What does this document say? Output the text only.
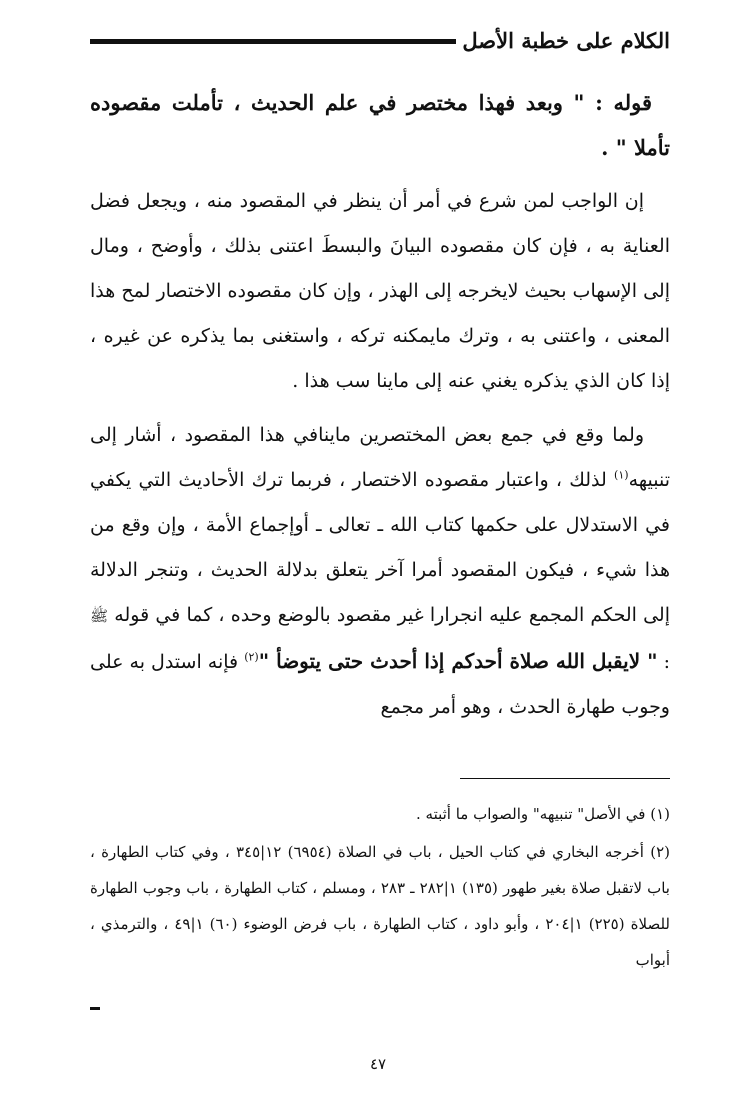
الكلام على خطبة الأصل

قوله : " وبعد فهذا مختصر في علم الحديث ، تأملت مقصوده تأملا " .

إن الواجب لمن شرع في أمر أن ينظر في المقصود منه ، ويجعل فضل العناية به ، فإن كان مقصوده البيانَ والبسطَ اعتنى بذلك ، وأوضح ، ومال إلى الإسهاب بحيث لايخرجه إلى الهذر ، وإن كان مقصوده الاختصار لمح هذا المعنى ، واعتنى به ، وترك مايمكنه تركه ، واستغنى بما يذكره عن غيره ، إذا كان الذي يذكره يغني عنه إلى ماينا سب هذا .

ولما وقع في جمع بعض المختصرين ماينافي هذا المقصود ، أشار إلى تنبيهه$^{(١)}$ لذلك ، واعتبار مقصوده الاختصار ، فربما ترك الأحاديث التي يكفي في الاستدلال على حكمها كتاب الله ـ تعالى ـ أوإجماع الأمة ، وإن وقع من هذا شيء ، فيكون المقصود أمرا آخر يتعلق بدلالة الحديث ، وتنجر الدلالة إلى الحكم المجمع عليه انجرارا غير مقصود بالوضع وحده ، كما في قوله ﷺ : " لايقبل الله صلاة أحدكم إذا أحدث حتى يتوضأ "$^{(٢)}$ فإنه استدل به على وجوب طهارة الحدث ، وهو أمر مجمع

(١) في الأصل" تنبيهه" والصواب ما أثبته .

(٢) أخرجه البخاري في كتاب الحيل ، باب في الصلاة (٦٩٥٤) ١٢|٣٤٥ ، وفي كتاب الطهارة ، باب لاتقبل صلاة بغير طهور (١٣٥) ١|٢٨٢ ـ ٢٨٣ ، ومسلم ، كتاب الطهارة ، باب وجوب الطهارة للصلاة (٢٢٥) ١|٢٠٤ ، وأبو داود ، كتاب الطهارة ، باب فرض الوضوء (٦٠) ١|٤٩ ، والترمذي ، أبواب

٤٧
